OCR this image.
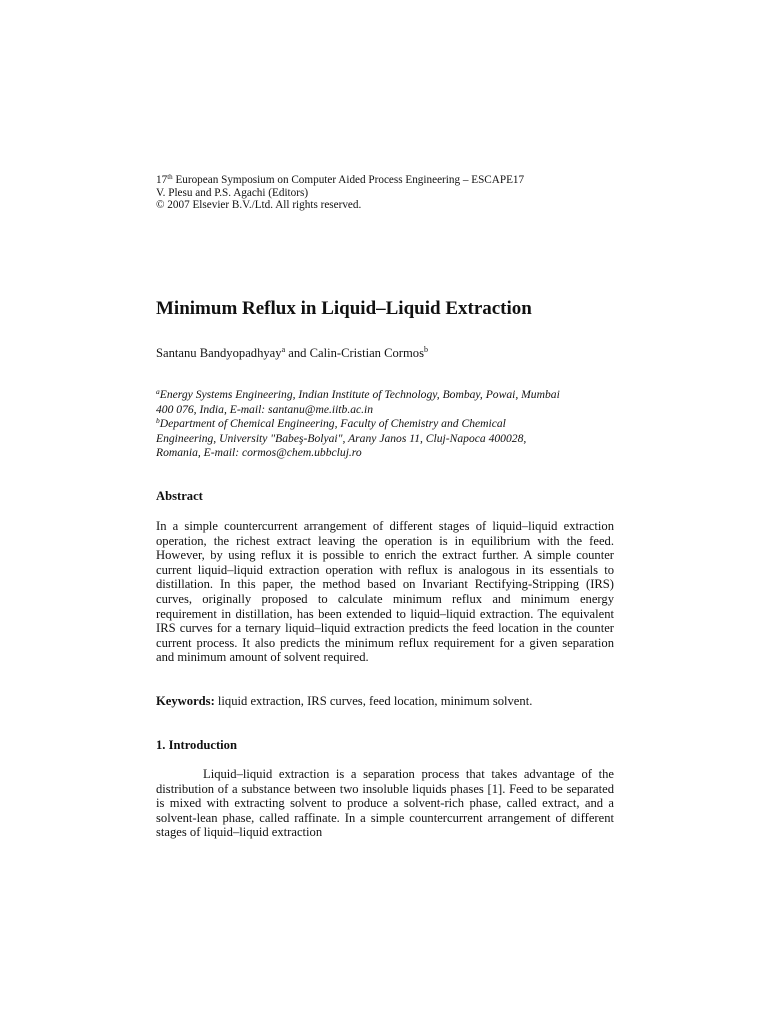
17th European Symposium on Computer Aided Process Engineering – ESCAPE17
V. Plesu and P.S. Agachi (Editors)
© 2007 Elsevier B.V./Ltd. All rights reserved.
Minimum Reflux in Liquid–Liquid Extraction
Santanu Bandyopadhyay$^a$ and Calin-Cristian Cormos$^b$
$^a$Energy Systems Engineering, Indian Institute of Technology, Bombay, Powai, Mumbai
400 076, India, E-mail: santanu@me.iitb.ac.in
$^b$Department of Chemical Engineering, Faculty of Chemistry and Chemical
Engineering, University "Babeş-Bolyai", Arany Janos 11, Cluj-Napoca 400028,
Romania, E-mail: cormos@chem.ubbcluj.ro
Abstract
In a simple countercurrent arrangement of different stages of liquid–liquid extraction operation, the richest extract leaving the operation is in equilibrium with the feed. However, by using reflux it is possible to enrich the extract further. A simple counter current liquid–liquid extraction operation with reflux is analogous in its essentials to distillation. In this paper, the method based on Invariant Rectifying-Stripping (IRS) curves, originally proposed to calculate minimum reflux and minimum energy requirement in distillation, has been extended to liquid–liquid extraction. The equivalent IRS curves for a ternary liquid–liquid extraction predicts the feed location in the counter current process. It also predicts the minimum reflux requirement for a given separation and minimum amount of solvent required.
Keywords: liquid extraction, IRS curves, feed location, minimum solvent.
1. Introduction
Liquid–liquid extraction is a separation process that takes advantage of the distribution of a substance between two insoluble liquids phases [1]. Feed to be separated is mixed with extracting solvent to produce a solvent-rich phase, called extract, and a solvent-lean phase, called raffinate. In a simple countercurrent arrangement of different stages of liquid–liquid extraction
